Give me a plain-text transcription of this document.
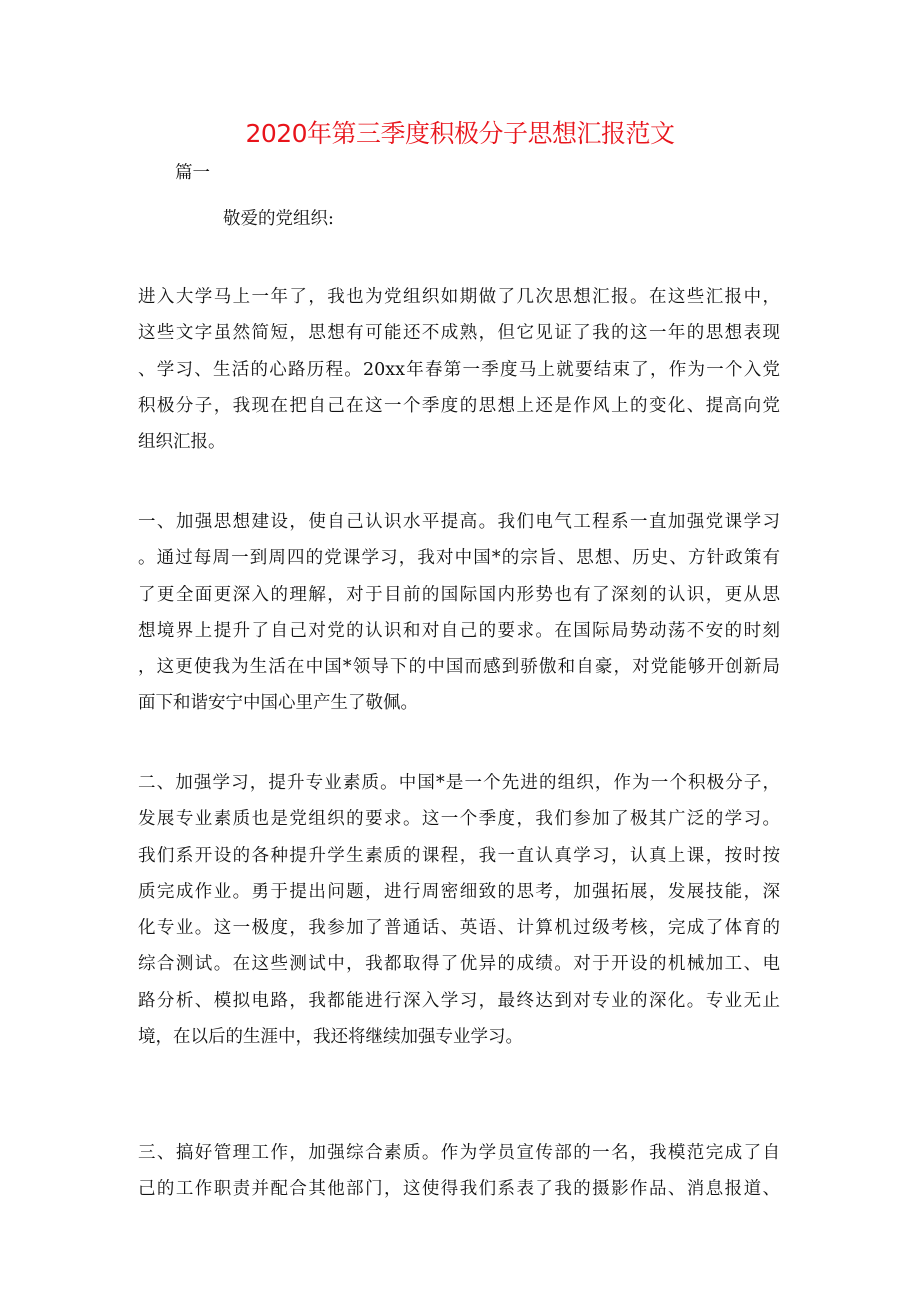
2020年第三季度积极分子思想汇报范文
篇一
敬爱的党组织:
进入大学马上一年了，我也为党组织如期做了几次思想汇报。在这些汇报中，
这些文字虽然简短，思想有可能还不成熟，但它见证了我的这一年的思想表现
、学习、生活的心路历程。20xx年春第一季度马上就要结束了，作为一个入党
积极分子，我现在把自己在这一个季度的思想上还是作风上的变化、提高向党
组织汇报。
一、加强思想建设，使自己认识水平提高。我们电气工程系一直加强党课学习
。通过每周一到周四的党课学习，我对中国*的宗旨、思想、历史、方针政策有
了更全面更深入的理解，对于目前的国际国内形势也有了深刻的认识，更从思
想境界上提升了自己对党的认识和对自己的要求。在国际局势动荡不安的时刻
，这更使我为生活在中国*领导下的中国而感到骄傲和自豪，对党能够开创新局
面下和谐安宁中国心里产生了敬佩。
二、加强学习，提升专业素质。中国*是一个先进的组织，作为一个积极分子，
发展专业素质也是党组织的要求。这一个季度，我们参加了极其广泛的学习。
我们系开设的各种提升学生素质的课程，我一直认真学习，认真上课，按时按
质完成作业。勇于提出问题，进行周密细致的思考，加强拓展，发展技能，深
化专业。这一极度，我参加了普通话、英语、计算机过级考核，完成了体育的
综合测试。在这些测试中，我都取得了优异的成绩。对于开设的机械加工、电
路分析、模拟电路，我都能进行深入学习，最终达到对专业的深化。专业无止
境，在以后的生涯中，我还将继续加强专业学习。
三、搞好管理工作，加强综合素质。作为学员宣传部的一名，我模范完成了自
己的工作职责并配合其他部门，这使得我们系表了我的摄影作品、消息报道、
